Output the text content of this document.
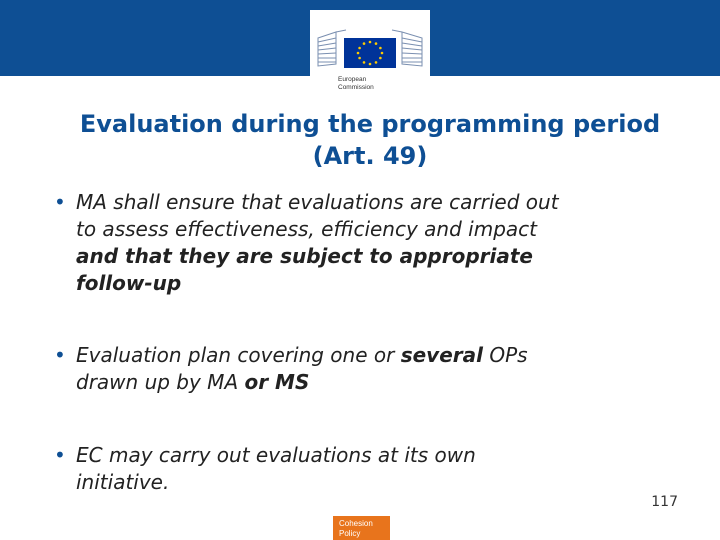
European
Commission
Evaluation during the programming period
(Art. 49)
• MA shall ensure that evaluations are carried out
to assess effectiveness, efficiency and impact
and that they are subject to appropriate
follow-up
• Evaluation plan covering one or several OPs
drawn up by MA or MS
• EC may carry out evaluations at its own
initiative.
117
Cohesion
Policy
